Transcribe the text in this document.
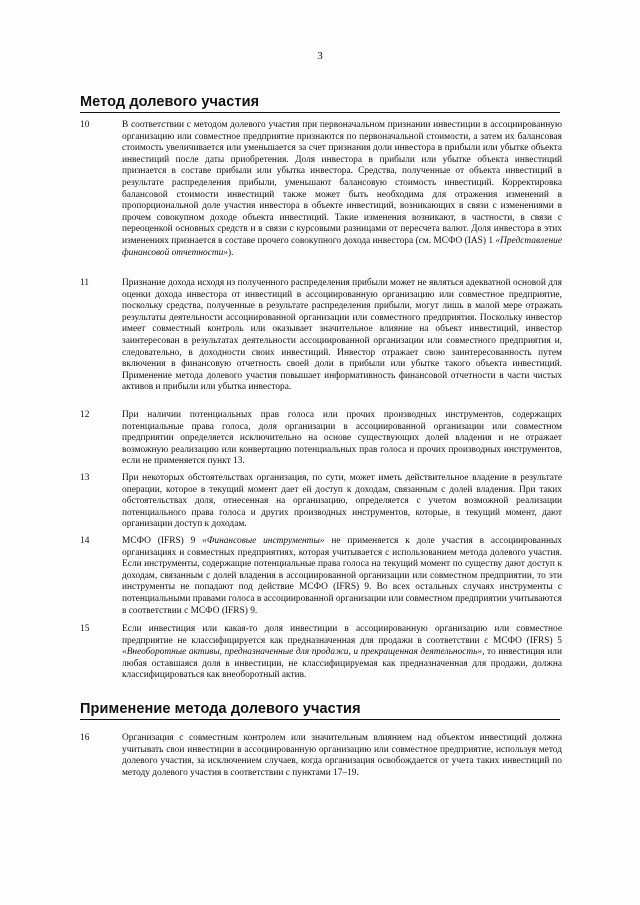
3
Метод долевого участия
10	В соответствии с методом долевого участия при первоначальном признании инвестиции в ассоциированную организацию или совместное предприятие признаются по первоначальной стоимости, а затем их балансовая стоимость увеличивается или уменьшается за счет признания доли инвестора в прибыли или убытке объекта инвестиций после даты приобретения. Доля инвестора в прибыли или убытке объекта инвестиций признается в составе прибыли или убытка инвестора. Средства, полученные от объекта инвестиций в результате распределения прибыли, уменьшают балансовую стоимость инвестиций. Корректировка балансовой стоимости инвестиций также может быть необходима для отражения изменений в пропорциональной доле участия инвестора в объекте инвестиций, возникающих в связи с изменениями в прочем совокупном доходе объекта инвестиций. Такие изменения возникают, в частности, в связи с переоценкой основных средств и в связи с курсовыми разницами от пересчета валют. Доля инвестора в этих изменениях признается в составе прочего совокупного дохода инвестора (см. МСФО (IAS) 1 «Представление финансовой отчетности»).

11	Признание дохода исходя из полученного распределения прибыли может не являться адекватной основой для оценки дохода инвестора от инвестиций в ассоциированную организацию или совместное предприятие, поскольку средства, полученные в результате распределения прибыли, могут лишь в малой мере отражать результаты деятельности ассоциированной организации или совместного предприятия. Поскольку инвестор имеет совместный контроль или оказывает значительное влияние на объект инвестиций, инвестор заинтересован в результатах деятельности ассоциированной организации или совместного предприятия и, следовательно, в доходности своих инвестиций. Инвестор отражает свою заинтересованность путем включения в финансовую отчетность своей доли в прибыли или убытке такого объекта инвестиций. Применение метода долевого участия повышает информативность финансовой отчетности в части чистых активов и прибыли или убытка инвестора.

12	При наличии потенциальных прав голоса или прочих производных инструментов, содержащих потенциальные права голоса, доля организации в ассоциированной организации или совместном предприятии определяется исключительно на основе существующих долей владения и не отражает возможную реализацию или конвертацию потенциальных прав голоса и прочих производных инструментов, если не применяется пункт 13.

13	При некоторых обстоятельствах организация, по сути, может иметь действительное владение в результате операции, которое в текущий момент дает ей доступ к доходам, связанным с долей владения. При таких обстоятельствах доля, отнесенная на организацию, определяется с учетом возможной реализации потенциального права голоса и других производных инструментов, которые, в текущий момент, дают организации доступ к доходам.

14	МСФО (IFRS) 9 «Финансовые инструменты» не применяется к доле участия в ассоциированных организациях и совместных предприятиях, которая учитывается с использованием метода долевого участия. Если инструменты, содержащие потенциальные права голоса на текущий момент по существу дают доступ к доходам, связанным с долей владения в ассоциированной организации или совместном предприятии, то эти инструменты не попадают под действие МСФО (IFRS) 9. Во всех остальных случаях инструменты с потенциальными правами голоса в ассоциированной организации или совместном предприятии учитываются в соответствии с МСФО (IFRS) 9.

15	Если инвестиция или какая-то доля инвестиции в ассоциированную организацию или совместное предприятие не классифицируется как предназначенная для продажи в соответствии с МСФО (IFRS) 5 «Внеоборотные активы, предназначенные для продажи, и прекращенная деятельность», то инвестиция или любая оставшаяся доля в инвестиции, не классифицируемая как предназначенная для продажи, должна классифицироваться как внеоборотный актив.

Применение метода долевого участия
16	Организация с совместным контролем или значительным влиянием над объектом инвестиций должна учитывать свои инвестиции в ассоциированную организацию или совместное предприятие, используя метод долевого участия, за исключением случаев, когда организация освобождается от учета таких инвестиций по методу долевого участия в соответствии с пунктами 17–19.
